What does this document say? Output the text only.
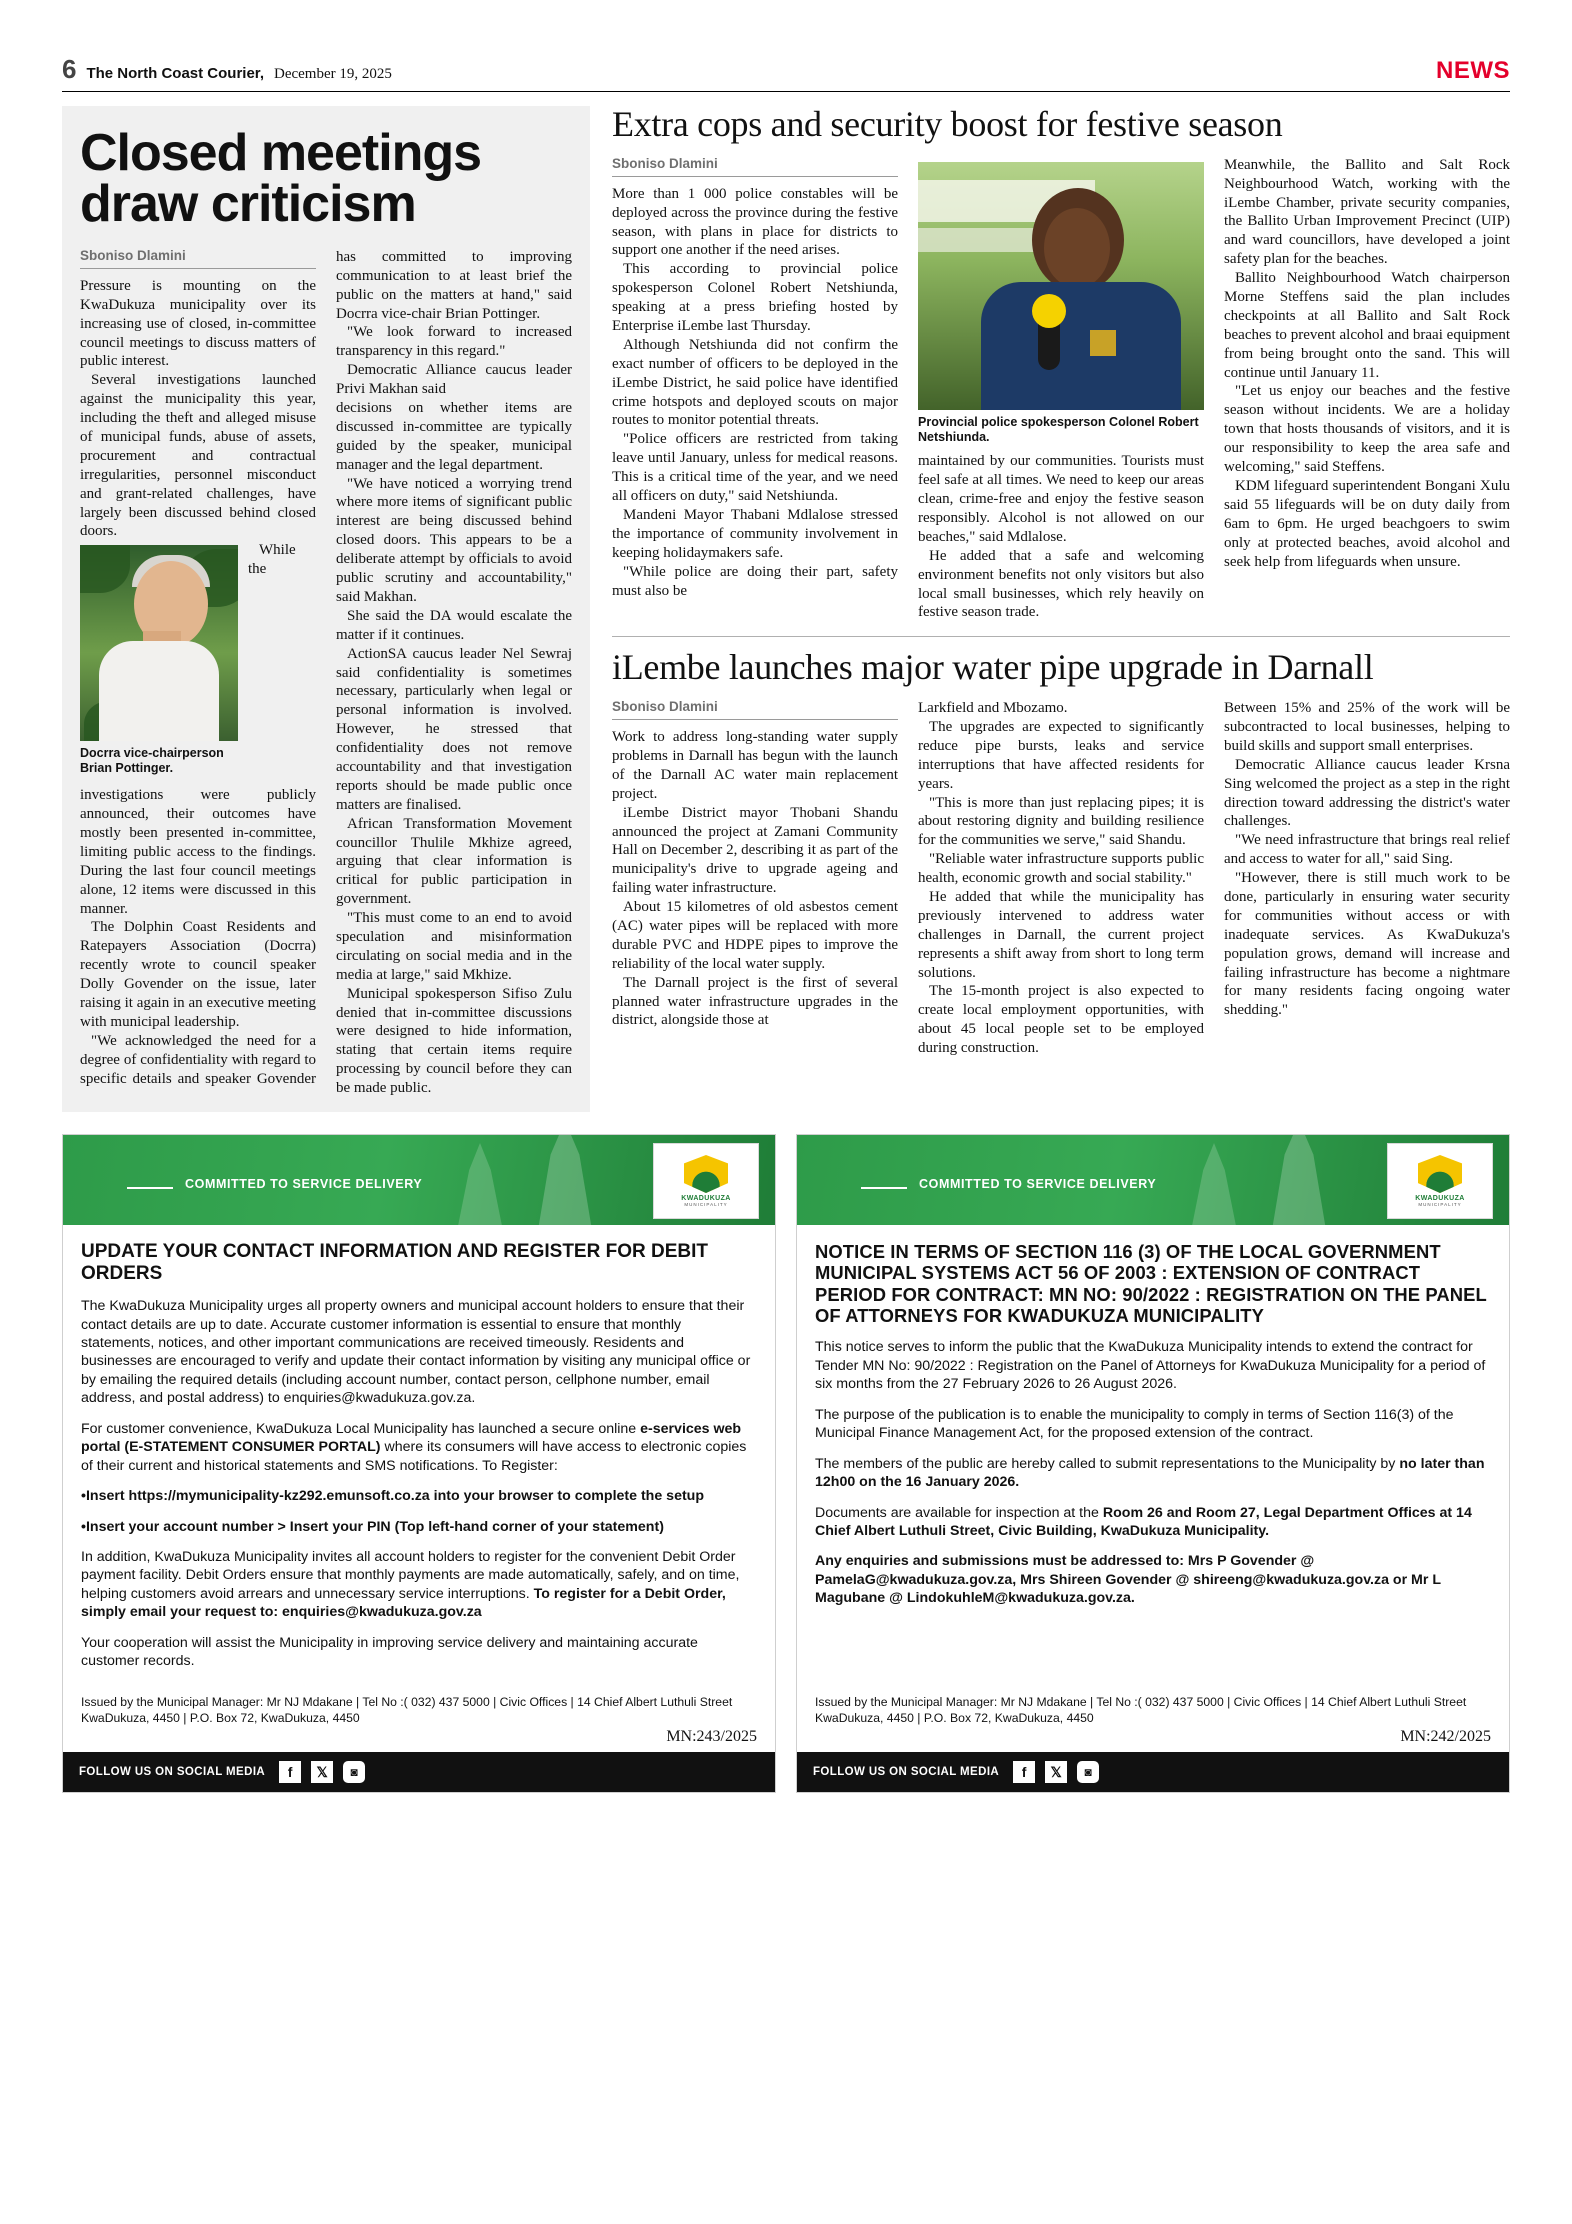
6 The North Coast Courier, December 19, 2025	NEWS
Closed meetings draw criticism
Sboniso Dlamini

Pressure is mounting on the KwaDukuza municipality over its increasing use of closed, in-committee council meetings to discuss matters of public interest.

Several investigations launched against the municipality this year, including the theft and alleged misuse of municipal funds, abuse of assets, procurement and contractual irregularities, personnel misconduct and grant-related challenges, have largely been discussed behind closed doors.

Docrra vice-chairperson Brian Pottinger.

While the investigations were publicly announced, their outcomes have mostly been presented in-committee, limiting public access to the findings. During the last four council meetings alone, 12 items were discussed in this manner.

The Dolphin Coast Residents and Ratepayers Association (Docrra) recently wrote to council speaker Dolly Govender on the issue, later raising it again in an executive meeting with municipal leadership.

"We acknowledged the need for a degree of confidentiality with regard to specific details and speaker Govender has committed to improving communication to at least brief the public on the matters at hand," said Docrra vice-chair Brian Pottinger.

"We look forward to increased transparency in this regard."

Democratic Alliance caucus leader Privi Makhan said

decisions on whether items are discussed in-committee are typically guided by the speaker, municipal manager and the legal department.

"We have noticed a worrying trend where more items of significant public interest are being discussed behind closed doors. This appears to be a deliberate attempt by officials to avoid public scrutiny and accountability," said Makhan.

She said the DA would escalate the matter if it continues.

ActionSA caucus leader Nel Sewraj said confidentiality is sometimes necessary, particularly when legal or personal information is involved. However, he stressed that confidentiality does not remove accountability and that investigation reports should be made public once matters are finalised.

African Transformation Movement councillor Thulile Mkhize agreed, arguing that clear information is critical for public participation in government.

"This must come to an end to avoid speculation and misinformation circulating on social media and in the media at large," said Mkhize.

Municipal spokesperson Sifiso Zulu denied that in-committee discussions were designed to hide information, stating that certain items require processing by council before they can be made public.

Extra cops and security boost for festive season
Sboniso Dlamini

More than 1 000 police constables will be deployed across the province during the festive season, with plans in place for districts to support one another if the need arises.

This according to provincial police spokesperson Colonel Robert Netshiunda, speaking at a press briefing hosted by Enterprise iLembe last Thursday.

Although Netshiunda did not confirm the exact number of officers to be deployed in the iLembe District, he said police have identified crime hotspots and deployed scouts on major routes to monitor potential threats.

"Police officers are restricted from taking leave until January, unless for medical reasons. This is a critical time of the year, and we need all officers on duty," said Netshiunda.

Mandeni Mayor Thabani Mdlalose stressed the importance of community involvement in keeping holidaymakers safe.

"While police are doing their part, safety must also be

Provincial police spokesperson Colonel Robert Netshiunda.

maintained by our communities. Tourists must feel safe at all times. We need to keep our areas clean, crime-free and enjoy the festive season responsibly. Alcohol is not allowed on our beaches," said Mdlalose.

He added that a safe and welcoming environment benefits not only visitors but also local small businesses, which rely heavily on festive season trade.

Meanwhile, the Ballito and Salt Rock Neighbourhood Watch, working with the iLembe Chamber, private security companies, the Ballito Urban Improvement Precinct (UIP) and ward councillors, have developed a joint safety plan for the beaches.

Ballito Neighbourhood Watch chairperson Morne Steffens said the plan includes checkpoints at all Ballito and Salt Rock beaches to prevent alcohol and braai equipment from being brought onto the sand. This will continue until January 11.

"Let us enjoy our beaches and the festive season without incidents. We are a holiday town that hosts thousands of visitors, and it is our responsibility to keep the area safe and welcoming," said Steffens.

KDM lifeguard superintendent Bongani Xulu said 55 lifeguards will be on duty daily from 6am to 6pm. He urged beachgoers to swim only at protected beaches, avoid alcohol and seek help from lifeguards when unsure.

iLembe launches major water pipe upgrade in Darnall
Sboniso Dlamini

Work to address long-standing water supply problems in Darnall has begun with the launch of the Darnall AC water main replacement project.

iLembe District mayor Thobani Shandu announced the project at Zamani Community Hall on December 2, describing it as part of the municipality's drive to upgrade ageing and failing water infrastructure.

About 15 kilometres of old asbestos cement (AC) water pipes will be replaced with more durable PVC and HDPE pipes to improve the reliability of the local water supply.

The Darnall project is the first of several planned water infrastructure upgrades in the district, alongside those at

Larkfield and Mbozamo.

The upgrades are expected to significantly reduce pipe bursts, leaks and service interruptions that have affected residents for years.

"This is more than just replacing pipes; it is about restoring dignity and building resilience for the communities we serve," said Shandu.

"Reliable water infrastructure supports public health, economic growth and social stability."

He added that while the municipality has previously intervened to address water challenges in Darnall, the current project represents a shift away from short to long term solutions.

The 15-month project is also expected to create local employment opportunities, with about 45 local people set to be employed during construction.

Between 15% and 25% of the work will be subcontracted to local businesses, helping to build skills and support small enterprises.

Democratic Alliance caucus leader Krsna Sing welcomed the project as a step in the right direction toward addressing the district's water challenges.

"We need infrastructure that brings real relief and access to water for all," said Sing.

"However, there is still much work to be done, particularly in ensuring water security for communities without access or with inadequate services. As KwaDukuza's population grows, demand will increase and failing infrastructure has become a nightmare for many residents facing ongoing water shedding."

COMMITTED TO SERVICE DELIVERY
KWADUKUZA
MUNICIPALITY
UPDATE YOUR CONTACT INFORMATION AND REGISTER FOR DEBIT ORDERS

The KwaDukuza Municipality urges all property owners and municipal account holders to ensure that their contact details are up to date. Accurate customer information is essential to ensure that monthly statements, notices, and other important communications are received timeously. Residents and businesses are encouraged to verify and update their contact information by visiting any municipal office or by emailing the required details (including account number, contact person, cellphone number, email address, and postal address) to enquiries@kwadukuza.gov.za.

For customer convenience, KwaDukuza Local Municipality has launched a secure online e-services web portal (E-STATEMENT CONSUMER PORTAL) where its consumers will have access to electronic copies of their current and historical statements and SMS notifications. To Register:

•Insert https://mymunicipality-kz292.emunsoft.co.za into your browser to complete the setup

•Insert your account number > Insert your PIN (Top left-hand corner of your statement)

In addition, KwaDukuza Municipality invites all account holders to register for the convenient Debit Order payment facility. Debit Orders ensure that monthly payments are made automatically, safely, and on time, helping customers avoid arrears and unnecessary service interruptions. To register for a Debit Order, simply email your request to: enquiries@kwadukuza.gov.za

Your cooperation will assist the Municipality in improving service delivery and maintaining accurate customer records.

Issued by the Municipal Manager: Mr NJ Mdakane | Tel No :( 032) 437 5000 | Civic Offices | 14 Chief Albert Luthuli Street KwaDukuza, 4450 | P.O. Box 72, KwaDukuza, 4450
MN:243/2025
FOLLOW US ON SOCIAL MEDIA	f	𝕏	◙
COMMITTED TO SERVICE DELIVERY
KWADUKUZA
MUNICIPALITY
NOTICE IN TERMS OF SECTION 116 (3) OF THE LOCAL GOVERNMENT MUNICIPAL SYSTEMS ACT 56 OF 2003 : EXTENSION OF CONTRACT PERIOD FOR CONTRACT: MN NO: 90/2022 : REGISTRATION ON THE PANEL OF ATTORNEYS FOR KWADUKUZA MUNICIPALITY

This notice serves to inform the public that the KwaDukuza Municipality intends to extend the contract for Tender MN No: 90/2022 : Registration on the Panel of Attorneys for KwaDukuza Municipality for a period of six months from the 27 February 2026 to 26 August 2026.

The purpose of the publication is to enable the municipality to comply in terms of Section 116(3) of the Municipal Finance Management Act, for the proposed extension of the contract.

The members of the public are hereby called to submit representations to the Municipality by no later than 12h00 on the 16 January 2026.

Documents are available for inspection at the Room 26 and Room 27, Legal Department Offices at 14 Chief Albert Luthuli Street, Civic Building, KwaDukuza Municipality.

Any enquiries and submissions must be addressed to: Mrs P Govender @ PamelaG@kwadukuza.gov.za, Mrs Shireen Govender @ shireeng@kwadukuza.gov.za or Mr L Magubane @ LindokuhleM@kwadukuza.gov.za.

Issued by the Municipal Manager: Mr NJ Mdakane | Tel No :( 032) 437 5000 | Civic Offices | 14 Chief Albert Luthuli Street KwaDukuza, 4450 | P.O. Box 72, KwaDukuza, 4450
MN:242/2025
FOLLOW US ON SOCIAL MEDIA	f	𝕏	◙
